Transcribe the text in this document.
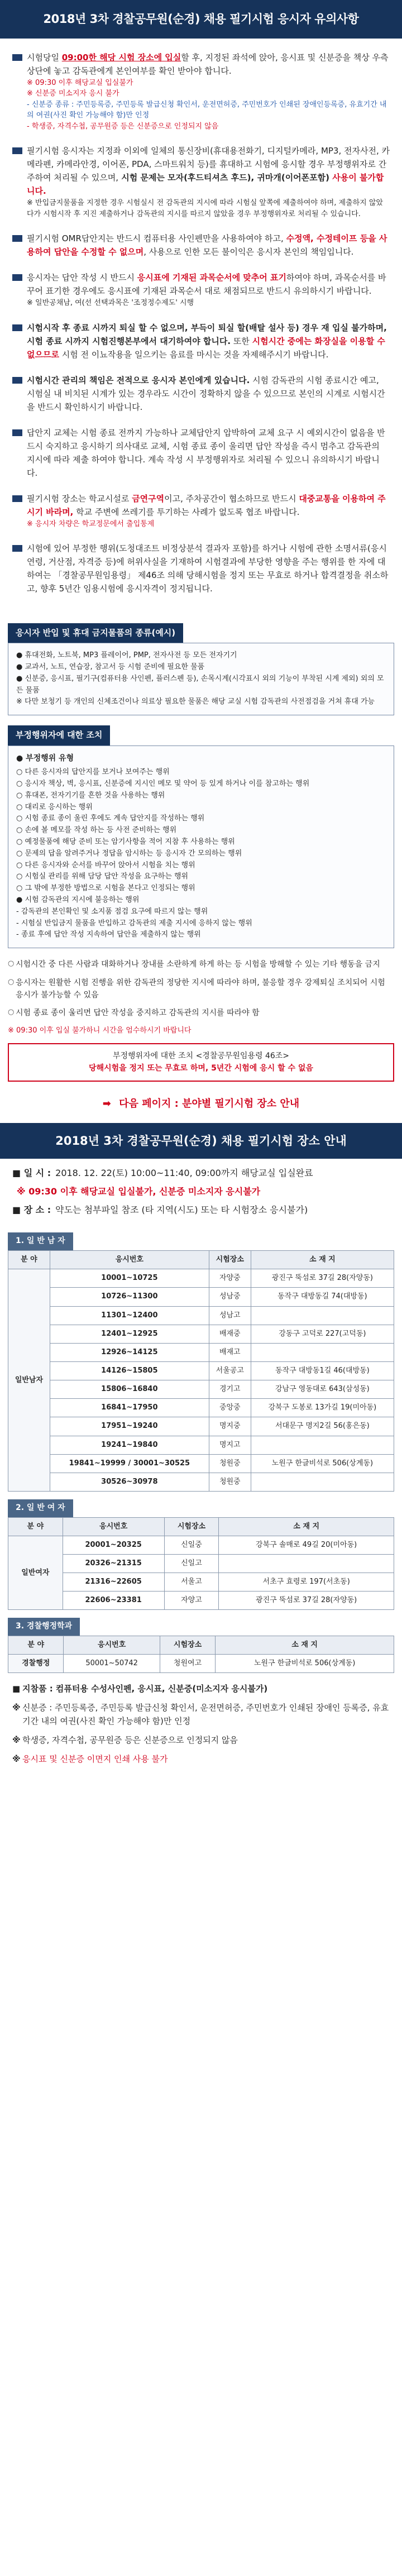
2018년 3차 경찰공무원(순경) 채용 필기시험 응시자 유의사항
시험당일 09:00한 해당 시험 장소에 입실할 후, 지정된 좌석에 앉아, 응시표 및 신분증을 책상 우측 상단에 놓고 감독관에게 본인여부를 확인 받아야 합니다.
※ 09:30 이후 해당교실 입실불가
※ 신분증 미소지자 응시 불가
- 신분증 종류 : 주민등록증, 주민등록 발급신청 확인서, 운전면허증, 주민번호가 인쇄된 장애인등록증, 유효기간 내의 여권(사진 확인 가능해야 함)만 인정
- 학생증, 자격수첩, 공무원증 등은 신분증으로 인정되지 않음
필기시험 응시자는 지정좌 이외에 일체의 통신장비(휴대용전화기, 디지털카메라, MP3, 전자사전, 카메라펜, 카메라안경, 이어폰, PDA, 스마트워치 등)를 휴대하고 시험에 응시할 경우 부정행위자로 간주하여 처리될 수 있으며, 시험 문제는 모자(후드티셔츠 후드), 귀마개(이어폰포함) 사용이 불가합니다.
※ 반입금지물품을 지정한 경우 시험실시 전 감독관의 지시에 따라 시험실 앞쪽에 제출하여야 하며, 제출하지 않았다가 시험시작 후 지진 제출하거나 감독관의 지시를 따르지 않았을 경우 부정행위자로 처리될 수 있습니다.
필기시험 OMR답안지는 반드시 컴퓨터용 사인펜만을 사용하여야 하고, 수정액, 수정테이프 등을 사용하여 답안을 수정할 수 없으며, 사용으로 인한 모든 불이익은 응시자 본인의 책임입니다.
응시자는 답안 작성 시 반드시 응시표에 기재된 과목순서에 맞추어 표기하여야 하며, 과목순서를 바꾸어 표기한 경우에도 응시표에 기재된 과목순서 대로 채점되므로 반드시 유의하시기 바랍니다.
※ 일반공채남, 여(선 선택과목은 '조정정수제도' 시행
시험시작 후 종료 시까지 퇴실 할 수 없으며, 부득이 퇴실 할(배탈 설사 등) 경우 재 입실 불가하며, 시험 종료 시까지 시험진행본부에서 대기하여야 합니다. 또한 시험시간 중에는 화장실을 이용할 수 없으므로 시험 전 이뇨작용을 일으키는 음료를 마시는 것을 자제해주시기 바랍니다.
시험시간 관리의 책임은 전적으로 응시자 본인에게 있습니다. 시험 감독관의 시험 종료시간 예고, 시험실 내 비치된 시계가 있는 경우라도 시간이 정확하지 않을 수 있으므로 본인의 시계로 시험시간을 반드시 확인하시기 바랍니다.
답안지 교체는 시험 종료 전까지 가능하나 교체답안지 압박하여 교체 요구 시 예외시간이 없음을 반드시 숙지하고 응시하기 의사대로 교체, 시험 종료 종이 울리면 답안 작성을 즉시 멈추고 감독관의 지시에 따라 제출 하여야 합니다. 계속 작성 시 부정행위자로 처리될 수 있으니 유의하시기 바랍니다.
필기시험 장소는 학교시설로 금연구역이고, 주차공간이 협소하므로 반드시 대중교통을 이용하여 주시기 바라며, 학교 주변에 쓰레기를 투기하는 사례가 없도록 협조 바랍니다.
※ 응시자 차량은 학교정문에서 출입통제
시험에 있어 부정한 행위(도청대조트 비정상분석 결과자 포함)를 하거나 시험에 관한 소명서류(응시연령, 거산점, 자격증 등)에 허위사실을 기재하여 시험결과에 부당한 영향을 주는 행위를 한 자에 대하여는 「경찰공무원임용령」 제46조 의해 당해시험을 정지 또는 무효로 하거나 합격결정을 취소하고, 향후 5년간 임용시험에 응시자격이 정지됩니다.
응시자 반입 및 휴대 금지물품의 종류(예시)
● 휴대전화, 노트북, MP3 플레이어, PMP, 전자사전 등 모든 전자기기
● 교과서, 노트, 연습장, 참고서 등 시험 준비에 필요한 물품
● 신분증, 응시표, 필기구(컴퓨터용 사인펜, 플러스펜 등), 손목시계(시각표시 외의 기능이 부착된 시계 제외) 외의 모든 물품
※ 다만 보청기 등 개인의 신체조건이나 의료상 필요한 물품은 해당 교실 시험 감독관의 사전점검을 거쳐 휴대 가능
부정행위자에 대한 조치
● 부정행위 유형
○ 다른 응시자의 답안지를 보거나 보여주는 행위
○ 응시자 책상, 벽, 응시표, 신분증에 지시인 메모 및 약어 등 있게 하거나 이를 참고하는 행위
○ 휴대폰, 전자기기를 흔한 것을 사용하는 행위
○ 대리로 응시하는 행위
○ 시험 종료 종이 울린 후에도 계속 답안지를 작성하는 행위
○ 손에 볼 메모를 작성 하는 등 사전 준비하는 행위
○ 예정물품에 해당 준비 또는 암기사항을 적어 지참 후 사용하는 행위
○ 문제의 답을 알려주거나 정답을 암시하는 등 응시자 간 모의하는 행위
○ 다른 응시자와 순서를 바꾸어 앉아서 시험을 치는 행위
○ 시험실 관리를 위해 담당 답안 작성을 요구하는 행위
○ 그 밖에 부정한 방법으로 시험을 본다고 인정되는 행위
● 시험 감독관의 지시에 불응하는 행위
- 감독관의 본인확인 및 소지품 점검 요구에 따르지 않는 행위
- 시험실 반입금지 물품을 반입하고 감독관의 제출 지시에 응하지 않는 행위
- 종료 후에 답안 작성 지속하여 답안을 제출하지 않는 행위
○ 시험시간 중 다른 사람과 대화하거나 장내를 소란하게 하게 하는 등 시험을 방해할 수 있는 기타 행동을 금지
○ 응시자는 원활한 시험 진행을 위한 감독관의 정당한 지시에 따라야 하며, 불응할 경우 강제퇴실 조치되어 시험 응시가 불가능할 수 있음
○ 시험 종료 종이 울리면 답안 작성을 중지하고 감독관의 지시를 따라야 함
※ 09:30 이후 입실 불가하니 시간을 엄수하시기 바랍니다
부정행위자에 대한 조치 <경찰공무원임용령 46조>
당해시험을 정지 또는 무효로 하며, 5년간 시험에 응시 할 수 없음
➡ 다음 페이지 : 분야별 필기시험 장소 안내
2018년 3차 경찰공무원(순경) 채용 필기시험 장소 안내
■ 일 시 : 2018. 12. 22(토) 10:00~11:40, 09:00까지 해당교실 입실완료
※ 09:30 이후 해당교실 입실불가, 신분증 미소지자 응시불가
■ 장 소 : 약도는 첨부파일 참조 (타 지역(시도) 또는 타 시험장소 응시불가)
1. 일 반 남 자
분 야	응시번호	시험장소	소 재 지
일반남자	10001~10725	자양중	광진구 뚝섬로 37길 28(자양동)
	10726~11300	성남중	동작구 대방동길 74(대방동)
	11301~12400	성남고	
	12401~12925	배재중	강동구 고덕로 227(고덕동)
	12926~14125	배재고	
	14126~15805	서울공고	동작구 대방동1길 46(대방동)
	15806~16840	경기고	강남구 영동대로 643(삼성동)
	16841~17950	중앙중	강북구 도봉로 13가길 19(미아동)
	17951~19240	명지중	서대문구 명지2길 56(홍은동)
	19241~19840	명지고	
	19841~19999 / 30001~30525	청원중	노원구 한글비석로 506(상계동)
	30526~30978	청원중	
2. 일 반 여 자
분 야	응시번호	시험장소	소 재 지
일반여자	20001~20325	신일중	강북구 솔매로 49길 20(미아동)
	20326~21315	신일고	
	21316~22605	서울고	서초구 효령로 197(서초동)
	22606~23381	자양고	광진구 뚝섬로 37길 28(자양동)
3. 경찰행정학과
분 야	응시번호	시험장소	소 재 지
경찰행정	50001~50742	청원여고	노원구 한글비석로 506(상계동)
■ 지참품 : 컴퓨터용 수성사인펜, 응시표, 신분증(미소지자 응시불가)
※ 신분증 : 주민등록증, 주민등록 발급신청 확인서, 운전면허증, 주민번호가 인쇄된 장애인 등록증, 유효기간 내의 여권(사진 확인 가능해야 함)만 인정
※ 학생증, 자격수첩, 공무원증 등은 신분증으로 인정되지 않음
※ 응시표 및 신분증 이면지 인쇄 사용 불가
